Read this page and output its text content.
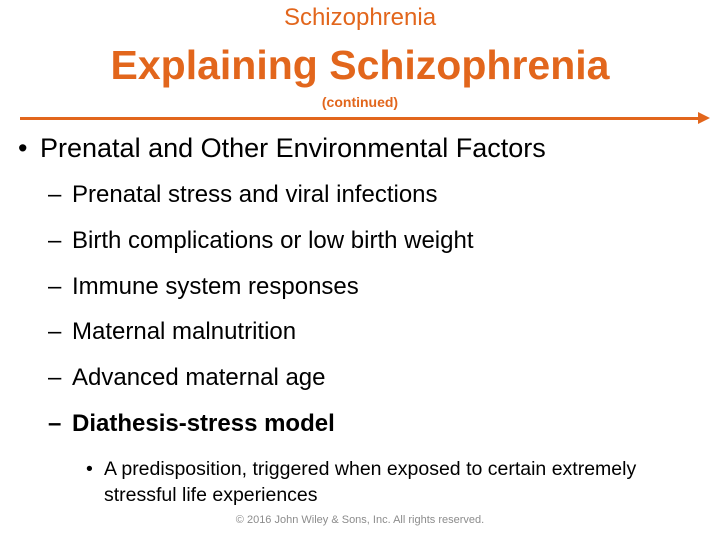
Schizophrenia
Explaining Schizophrenia
(continued)
• Prenatal and Other Environmental Factors
– Prenatal stress and viral infections
– Birth complications or low birth weight
– Immune system responses
– Maternal malnutrition
– Advanced maternal age
– Diathesis-stress model
• A predisposition, triggered when exposed to certain extremely stressful life experiences
© 2016 John Wiley & Sons, Inc. All rights reserved.
